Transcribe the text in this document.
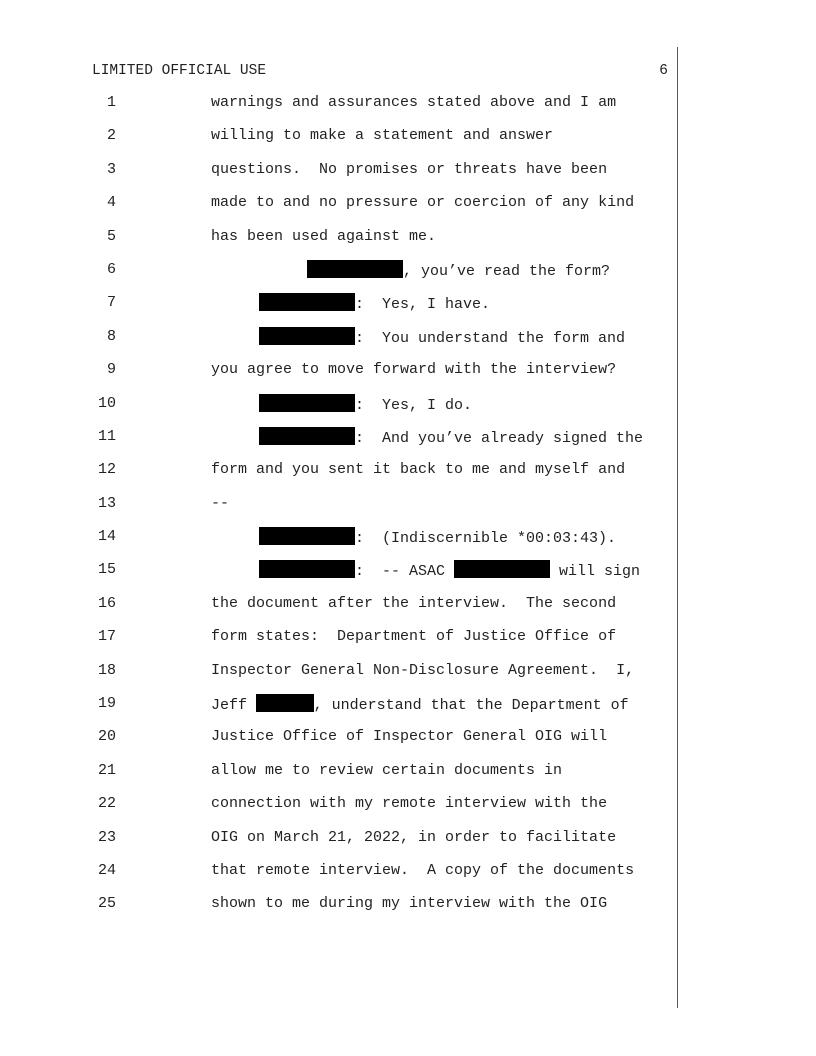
LIMITED OFFICIAL USE	6
1	warnings and assurances stated above and I am
2	willing to make a statement and answer
3	questions.  No promises or threats have been
4	made to and no pressure or coercion of any kind
5	has been used against me.
6	, you’ve read the form?
7	:  Yes, I have.
8	:  You understand the form and
9	you agree to move forward with the interview?
10	:  Yes, I do.
11	:  And you’ve already signed the
12	form and you sent it back to me and myself and
13	--
14	:  (Indiscernible *00:03:43).
15	:  -- ASAC	will sign
16	the document after the interview.  The second
17	form states:  Department of Justice Office of
18	Inspector General Non-Disclosure Agreement.  I,
19	Jeff	, understand that the Department of
20	Justice Office of Inspector General OIG will
21	allow me to review certain documents in
22	connection with my remote interview with the
23	OIG on March 21, 2022, in order to facilitate
24	that remote interview.  A copy of the documents
25	shown to me during my interview with the OIG
